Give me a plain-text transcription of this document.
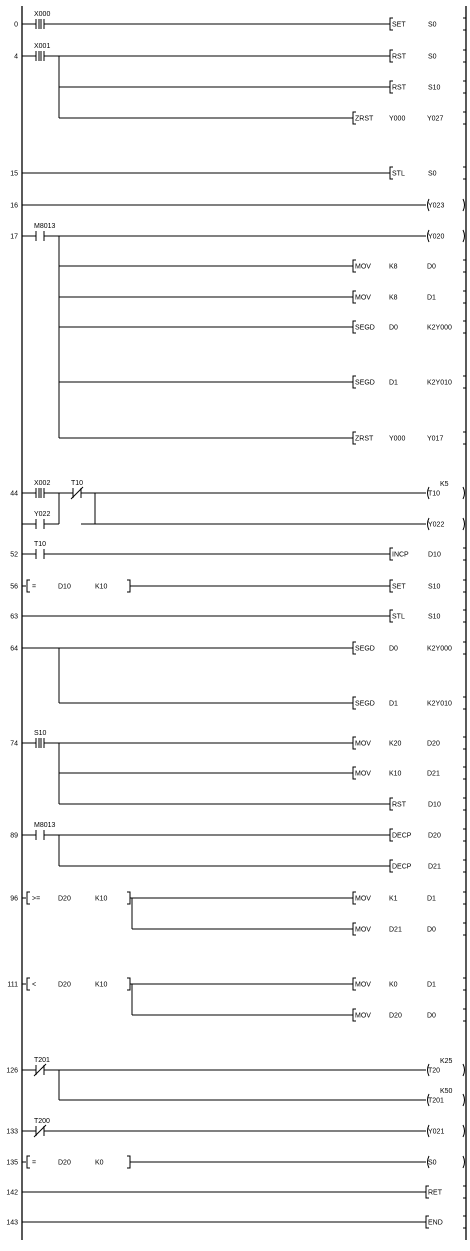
0
X000
SET	S0
4
X001
RST	S0
RST	S10
ZRST Y000	Y027
15	STL	S0
16	Y023
17
M8013
Y020
MOV	K8	D0
MOV	K8	D1
SEGD D0	K2Y000
SEGD D1	K2Y010
ZRST Y000	Y017
44
X002	T10
T10
K5
Y022
52
T10
INCP	D10
56 =	D10	K10	SET	S10
63	STL	S10
64	SEGD D0	K2Y000
SEGD D1	K2Y010
74
S10
MOV	K20	D20
MOV	K10	D21
RST	D10
89
M8013
DECP D20
DECP D21
96 >=	D20	K10	MOV	K1	D1
MOV	D21	D0
111 <	D20	K10	MOV	K0	D1
MOV	D20	D0
126
T201
T20
K25
T201
K50
133
T200
Y021
135 =	D20	K0	S0
142	RET
143	END
Y022
